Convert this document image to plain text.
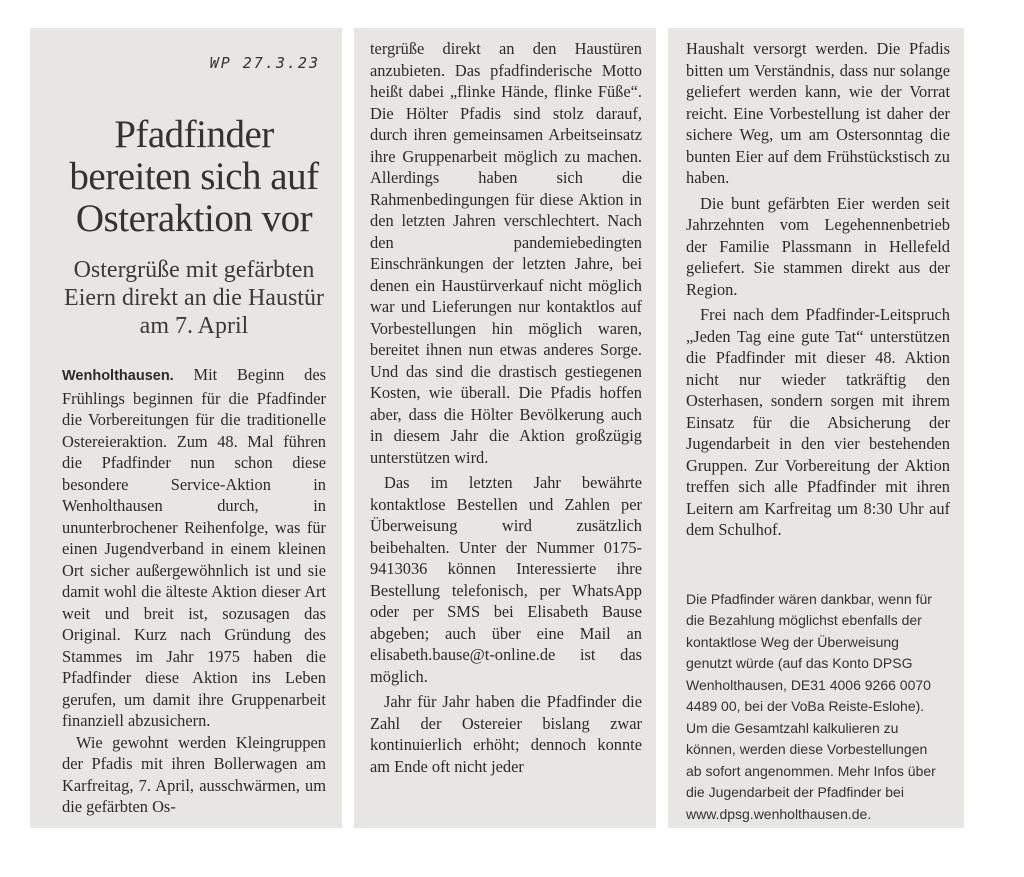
WP 27.3.23
Pfadfinder bereiten sich auf Osteraktion vor
Ostergrüße mit gefärbten Eiern direkt an die Haustür am 7. April

Wenholthausen. Mit Beginn des Frühlings beginnen für die Pfadfinder die Vorbereitungen für die traditionelle Ostereieraktion. Zum 48. Mal führen die Pfadfinder nun schon diese besondere Service-Aktion in Wenholthausen durch, in ununterbrochener Reihenfolge, was für einen Jugendverband in einem kleinen Ort sicher außergewöhnlich ist und sie damit wohl die älteste Aktion dieser Art weit und breit ist, sozusagen das Original. Kurz nach Gründung des Stammes im Jahr 1975 haben die Pfadfinder diese Aktion ins Leben gerufen, um damit ihre Gruppenarbeit finanziell abzusichern.

Wie gewohnt werden Kleingruppen der Pfadis mit ihren Bollerwagen am Karfreitag, 7. April, ausschwärmen, um die gefärbten Os-

tergrüße direkt an den Haustüren anzubieten. Das pfadfinderische Motto heißt dabei „flinke Hände, flinke Füße“. Die Hölter Pfadis sind stolz darauf, durch ihren gemeinsamen Arbeitseinsatz ihre Gruppenarbeit möglich zu machen. Allerdings haben sich die Rahmenbedingungen für diese Aktion in den letzten Jahren verschlechtert. Nach den pandemiebedingten Einschränkungen der letzten Jahre, bei denen ein Haustürverkauf nicht möglich war und Lieferungen nur kontaktlos auf Vorbestellungen hin möglich waren, bereitet ihnen nun etwas anderes Sorge. Und das sind die drastisch gestiegenen Kosten, wie überall. Die Pfadis hoffen aber, dass die Hölter Bevölkerung auch in diesem Jahr die Aktion großzügig unterstützen wird.

Das im letzten Jahr bewährte kontaktlose Bestellen und Zahlen per Überweisung wird zusätzlich beibehalten. Unter der Nummer 0175-9413036 können Interessierte ihre Bestellung telefonisch, per WhatsApp oder per SMS bei Elisabeth Bause abgeben; auch über eine Mail an elisabeth.bause@t-online.de ist das möglich.

Jahr für Jahr haben die Pfadfinder die Zahl der Ostereier bislang zwar kontinuierlich erhöht; dennoch konnte am Ende oft nicht jeder

Haushalt versorgt werden. Die Pfadis bitten um Verständnis, dass nur solange geliefert werden kann, wie der Vorrat reicht. Eine Vorbestellung ist daher der sichere Weg, um am Ostersonntag die bunten Eier auf dem Frühstückstisch zu haben.

Die bunt gefärbten Eier werden seit Jahrzehnten vom Legehennenbetrieb der Familie Plassmann in Hellefeld geliefert. Sie stammen direkt aus der Region.

Frei nach dem Pfadfinder-Leitspruch „Jeden Tag eine gute Tat“ unterstützen die Pfadfinder mit dieser 48. Aktion nicht nur wieder tatkräftig den Osterhasen, sondern sorgen mit ihrem Einsatz für die Absicherung der Jugendarbeit in den vier bestehenden Gruppen. Zur Vorbereitung der Aktion treffen sich alle Pfadfinder mit ihren Leitern am Karfreitag um 8:30 Uhr auf dem Schulhof.

Die Pfadfinder wären dankbar, wenn für die Bezahlung möglichst ebenfalls der kontaktlose Weg der Überweisung genutzt würde (auf das Konto DPSG Wenholthausen, DE31 4006 9266 0070 4489 00, bei der VoBa Reiste-Eslohe). Um die Gesamtzahl kalkulieren zu können, werden diese Vorbestellungen ab sofort angenommen. Mehr Infos über die Jugendarbeit der Pfadfinder bei www.dpsg.wenholthausen.de.
